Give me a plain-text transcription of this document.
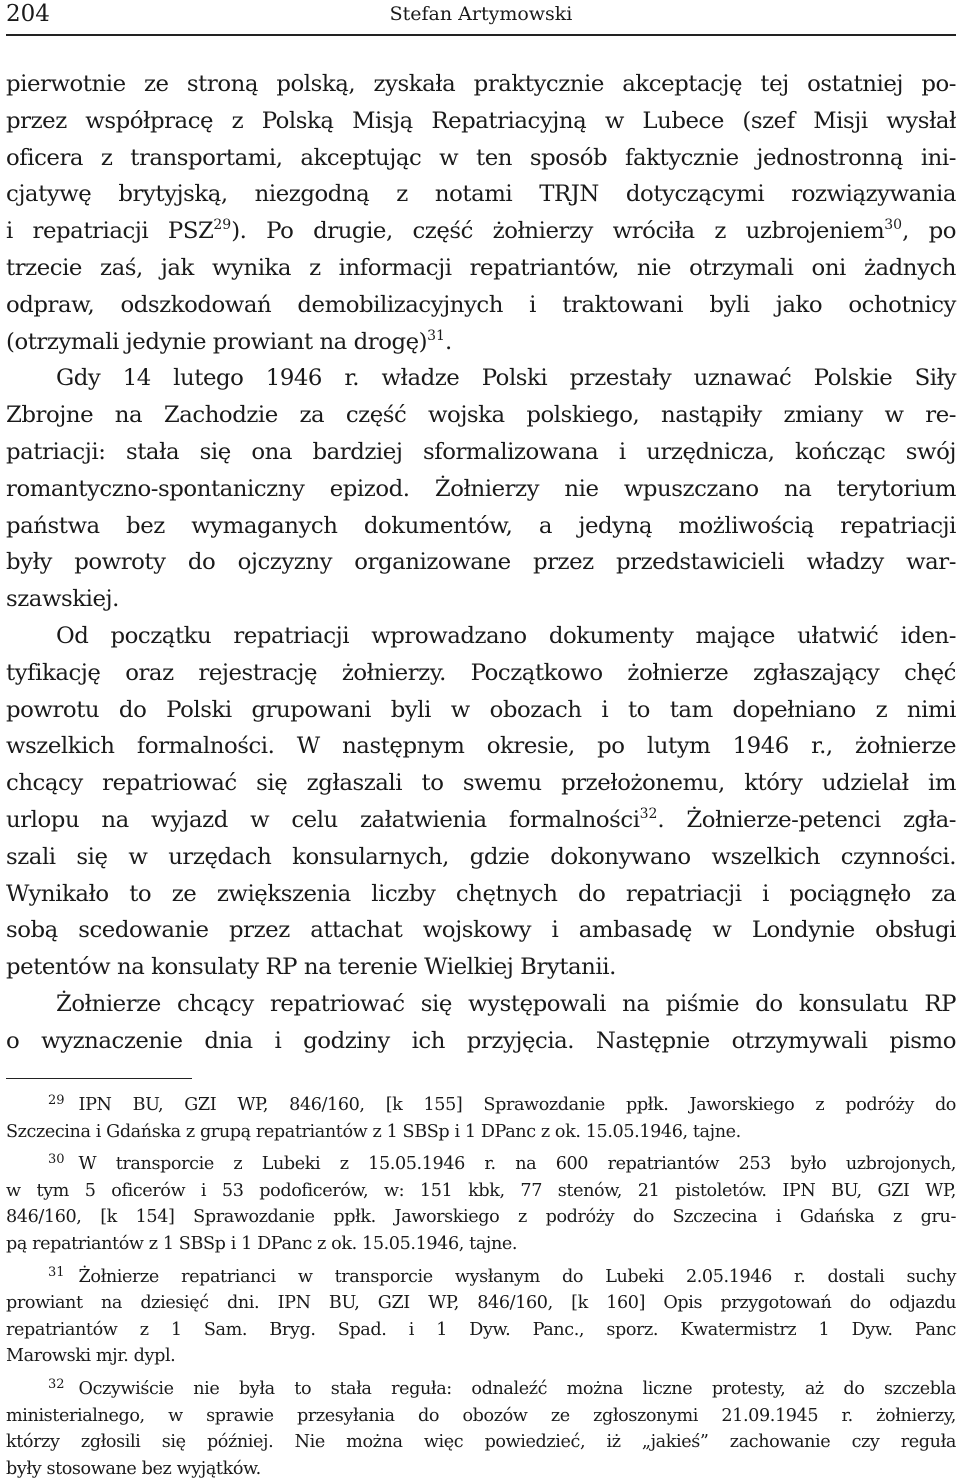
204	Stefan Artymowski
pierwotnie ze stroną polską, zyskała praktycznie akceptację tej ostatniej po-
przez współpracę z Polską Misją Repatriacyjną w Lubece (szef Misji wysłał
oficera z transportami, akceptując w ten sposób faktycznie jednostronną ini-
cjatywę brytyjską, niezgodną z notami TRJN dotyczącymi rozwiązywania
i repatriacji PSZ$^{29}$). Po drugie, część żołnierzy wróciła z uzbrojeniem$^{30}$, po
trzecie zaś, jak wynika z informacji repatriantów, nie otrzymali oni żadnych
odpraw, odszkodowań demobilizacyjnych i traktowani byli jako ochotnicy
(otrzymali jedynie prowiant na drogę)$^{31}$.
Gdy 14 lutego 1946 r. władze Polski przestały uznawać Polskie Siły
Zbrojne na Zachodzie za część wojska polskiego, nastąpiły zmiany w re-
patriacji: stała się ona bardziej sformalizowana i urzędnicza, kończąc swój
romantyczno-spontaniczny epizod. Żołnierzy nie wpuszczano na terytorium
państwa bez wymaganych dokumentów, a jedyną możliwością repatriacji
były powroty do ojczyzny organizowane przez przedstawicieli władzy war-
szawskiej.
Od początku repatriacji wprowadzano dokumenty mające ułatwić iden-
tyfikację oraz rejestrację żołnierzy. Początkowo żołnierze zgłaszający chęć
powrotu do Polski grupowani byli w obozach i to tam dopełniano z nimi
wszelkich formalności. W następnym okresie, po lutym 1946 r., żołnierze
chcący repatriować się zgłaszali to swemu przełożonemu, który udzielał im
urlopu na wyjazd w celu załatwienia formalności$^{32}$. Żołnierze-petenci zgła-
szali się w urzędach konsularnych, gdzie dokonywano wszelkich czynności.
Wynikało to ze zwiększenia liczby chętnych do repatriacji i pociągnęło za
sobą scedowanie przez attachat wojskowy i ambasadę w Londynie obsługi
petentów na konsulaty RP na terenie Wielkiej Brytanii.
Żołnierze chcący repatriować się występowali na piśmie do konsulatu RP
o wyznaczenie dnia i godziny ich przyjęcia. Następnie otrzymywali pismo
$^{29}$ IPN BU, GZI WP, 846/160, [k 155] Sprawozdanie ppłk. Jaworskiego z podróży do
Szczecina i Gdańska z grupą repatriantów z 1 SBSp i 1 DPanc z ok. 15.05.1946, tajne.
$^{30}$ W transporcie z Lubeki z 15.05.1946 r. na 600 repatriantów 253 było uzbrojonych,
w tym 5 oficerów i 53 podoficerów, w: 151 kbk, 77 stenów, 21 pistoletów. IPN BU, GZI WP,
846/160, [k 154] Sprawozdanie ppłk. Jaworskiego z podróży do Szczecina i Gdańska z gru-
pą repatriantów z 1 SBSp i 1 DPanc z ok. 15.05.1946, tajne.
$^{31}$ Żołnierze repatrianci w transporcie wysłanym do Lubeki 2.05.1946 r. dostali suchy
prowiant na dziesięć dni. IPN BU, GZI WP, 846/160, [k 160] Opis przygotowań do odjazdu
repatriantów z 1 Sam. Bryg. Spad. i 1 Dyw. Panc., sporz. Kwatermistrz 1 Dyw. Panc
Marowski mjr. dypl.
$^{32}$ Oczywiście nie była to stała reguła: odnaleźć można liczne protesty, aż do szczebla
ministerialnego, w sprawie przesyłania do obozów ze zgłoszonymi 21.09.1945 r. żołnierzy,
którzy zgłosili się później. Nie można więc powiedzieć, iż „jakieś” zachowanie czy reguła
były stosowane bez wyjątków.
